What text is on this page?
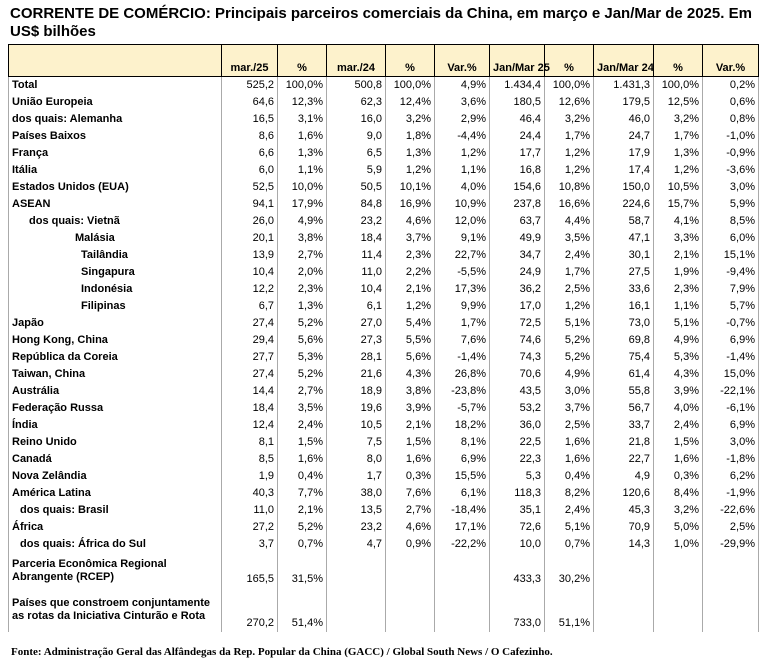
CORRENTE DE COMÉRCIO: Principais parceiros comerciais da China, em março e Jan/Mar de 2025. Em US$ bilhões
	mar./25	%	mar./24	%	Var.%	Jan/Mar 25	%	Jan/Mar 24	%	Var.%
Total	525,2	100,0%	500,8	100,0%	4,9%	1.434,4	100,0%	1.431,3	100,0%	0,2%
União Europeia	64,6	12,3%	62,3	12,4%	3,6%	180,5	12,6%	179,5	12,5%	0,6%
dos quais: Alemanha	16,5	3,1%	16,0	3,2%	2,9%	46,4	3,2%	46,0	3,2%	0,8%
Países Baixos	8,6	1,6%	9,0	1,8%	-4,4%	24,4	1,7%	24,7	1,7%	-1,0%
França	6,6	1,3%	6,5	1,3%	1,2%	17,7	1,2%	17,9	1,3%	-0,9%
Itália	6,0	1,1%	5,9	1,2%	1,1%	16,8	1,2%	17,4	1,2%	-3,6%
Estados Unidos (EUA)	52,5	10,0%	50,5	10,1%	4,0%	154,6	10,8%	150,0	10,5%	3,0%
ASEAN	94,1	17,9%	84,8	16,9%	10,9%	237,8	16,6%	224,6	15,7%	5,9%
dos quais: Vietnã	26,0	4,9%	23,2	4,6%	12,0%	63,7	4,4%	58,7	4,1%	8,5%
Malásia	20,1	3,8%	18,4	3,7%	9,1%	49,9	3,5%	47,1	3,3%	6,0%
Tailândia	13,9	2,7%	11,4	2,3%	22,7%	34,7	2,4%	30,1	2,1%	15,1%
Singapura	10,4	2,0%	11,0	2,2%	-5,5%	24,9	1,7%	27,5	1,9%	-9,4%
Indonésia	12,2	2,3%	10,4	2,1%	17,3%	36,2	2,5%	33,6	2,3%	7,9%
Filipinas	6,7	1,3%	6,1	1,2%	9,9%	17,0	1,2%	16,1	1,1%	5,7%
Japão	27,4	5,2%	27,0	5,4%	1,7%	72,5	5,1%	73,0	5,1%	-0,7%
Hong Kong, China	29,4	5,6%	27,3	5,5%	7,6%	74,6	5,2%	69,8	4,9%	6,9%
República da Coreia	27,7	5,3%	28,1	5,6%	-1,4%	74,3	5,2%	75,4	5,3%	-1,4%
Taiwan, China	27,4	5,2%	21,6	4,3%	26,8%	70,6	4,9%	61,4	4,3%	15,0%
Austrália	14,4	2,7%	18,9	3,8%	-23,8%	43,5	3,0%	55,8	3,9%	-22,1%
Federação Russa	18,4	3,5%	19,6	3,9%	-5,7%	53,2	3,7%	56,7	4,0%	-6,1%
Índia	12,4	2,4%	10,5	2,1%	18,2%	36,0	2,5%	33,7	2,4%	6,9%
Reino Unido	8,1	1,5%	7,5	1,5%	8,1%	22,5	1,6%	21,8	1,5%	3,0%
Canadá	8,5	1,6%	8,0	1,6%	6,9%	22,3	1,6%	22,7	1,6%	-1,8%
Nova Zelândia	1,9	0,4%	1,7	0,3%	15,5%	5,3	0,4%	4,9	0,3%	6,2%
América Latina	40,3	7,7%	38,0	7,6%	6,1%	118,3	8,2%	120,6	8,4%	-1,9%
dos quais: Brasil	11,0	2,1%	13,5	2,7%	-18,4%	35,1	2,4%	45,3	3,2%	-22,6%
África	27,2	5,2%	23,2	4,6%	17,1%	72,6	5,1%	70,9	5,0%	2,5%
dos quais: África do Sul	3,7	0,7%	4,7	0,9%	-22,2%	10,0	0,7%	14,3	1,0%	-29,9%
Parceria Econômica Regional Abrangente (RCEP)	165,5	31,5%				433,3	30,2%			
Países que constroem conjuntamente as rotas da Iniciativa Cinturão e Rota	270,2	51,4%				733,0	51,1%			
Fonte: Administração Geral das Alfândegas da Rep. Popular da China (GACC) / Global South News / O Cafezinho.
